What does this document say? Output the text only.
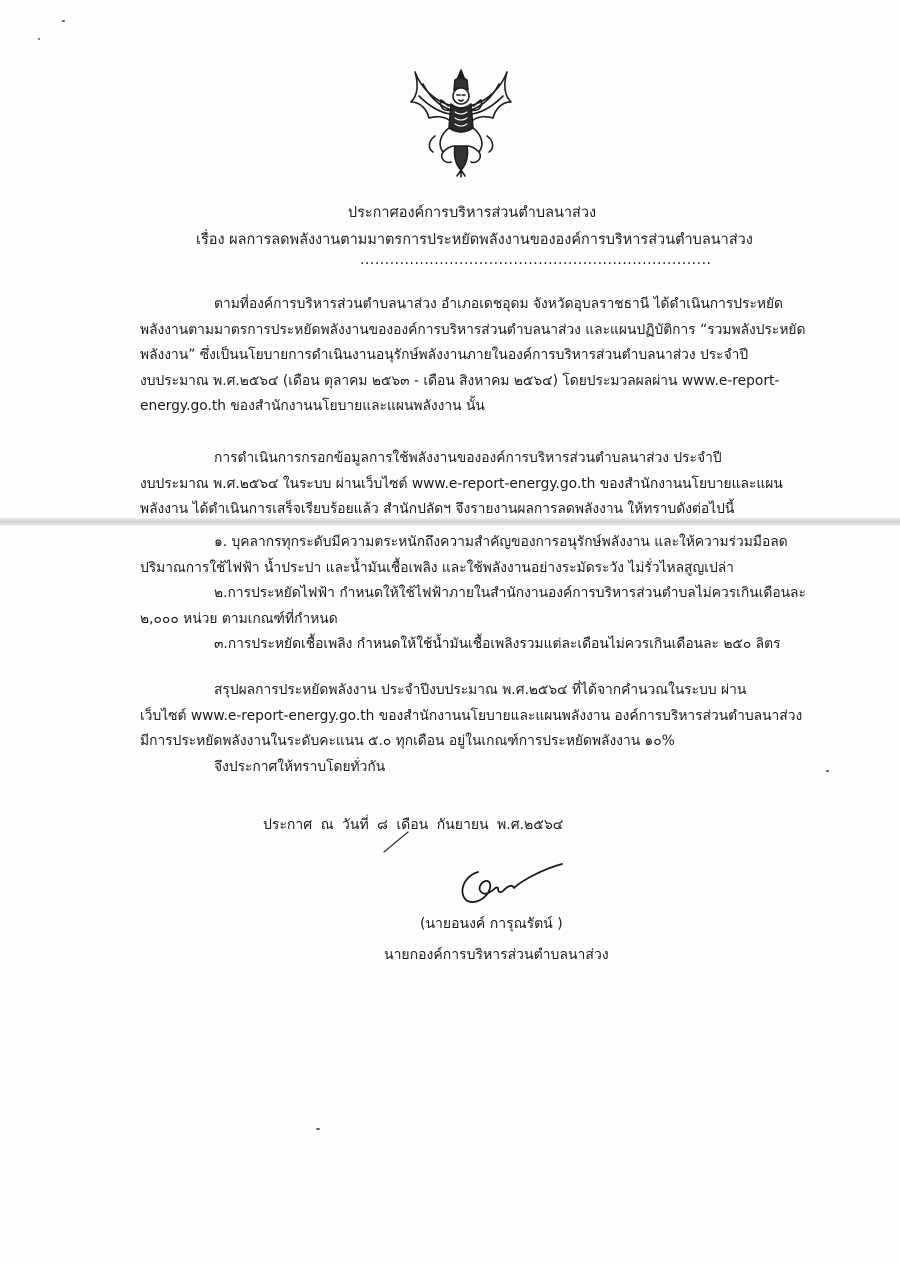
ประกาศองค์การบริหารส่วนตำบลนาส่วง
เรื่อง ผลการลดพลังงานตามมาตรการประหยัดพลังงานขององค์การบริหารส่วนตำบลนาส่วง
.......................................................................
ตามที่องค์การบริหารส่วนตำบลนาส่วง อำเภอเดชอุดม จังหวัดอุบลราชธานี ได้ดำเนินการประหยัด
พลังงานตามมาตรการประหยัดพลังงานขององค์การบริหารส่วนตำบลนาส่วง และแผนปฏิบัติการ “รวมพลังประหยัด
พลังงาน” ซึ่งเป็นนโยบายการดำเนินงานอนุรักษ์พลังงานภายในองค์การบริหารส่วนตำบลนาส่วง ประจำปี
งบประมาณ พ.ศ.๒๕๖๔ (เดือน ตุลาคม ๒๕๖๓ - เดือน สิงหาคม ๒๕๖๔) โดยประมวลผลผ่าน www.e-report-
energy.go.th ของสำนักงานนโยบายและแผนพลังงาน นั้น
การดำเนินการกรอกข้อมูลการใช้พลังงานขององค์การบริหารส่วนตำบลนาส่วง ประจำปี
งบประมาณ พ.ศ.๒๕๖๔ ในระบบ ผ่านเว็บไซต์ www.e-report-energy.go.th ของสำนักงานนโยบายและแผน
พลังงาน ได้ดำเนินการเสร็จเรียบร้อยแล้ว สำนักปลัดฯ จึงรายงานผลการลดพลังงาน ให้ทราบดังต่อไปนี้
๑. บุคลากรทุกระดับมีความตระหนักถึงความสำคัญของการอนุรักษ์พลังงาน และให้ความร่วมมือลด
ปริมาณการใช้ไฟฟ้า น้ำประปา และน้ำมันเชื้อเพลิง และใช้พลังงานอย่างระมัดระวัง ไม่รั่วไหลสูญเปล่า
๒.การประหยัดไฟฟ้า กำหนดให้ใช้ไฟฟ้าภายในสำนักงานองค์การบริหารส่วนตำบลไม่ควรเกินเดือนละ
๒,๐๐๐ หน่วย ตามเกณฑ์ที่กำหนด
๓.การประหยัดเชื้อเพลิง กำหนดให้ใช้น้ำมันเชื้อเพลิงรวมแต่ละเดือนไม่ควรเกินเดือนละ ๒๕๐ ลิตร
สรุปผลการประหยัดพลังงาน ประจำปีงบประมาณ พ.ศ.๒๕๖๔ ที่ได้จากคำนวณในระบบ ผ่าน
เว็บไซต์ www.e-report-energy.go.th ของสำนักงานนโยบายและแผนพลังงาน องค์การบริหารส่วนตำบลนาส่วง
มีการประหยัดพลังงานในระดับคะแนน ๕.๐ ทุกเดือน อยู่ในเกณฑ์การประหยัดพลังงาน ๑๐%
จึงประกาศให้ทราบโดยทั่วกัน
ประกาศ ณ วันที่ ๘ เดือน กันยายน พ.ศ.๒๕๖๔
(นายอนงค์ การุณรัตน์ )
นายกองค์การบริหารส่วนตำบลนาส่วง
